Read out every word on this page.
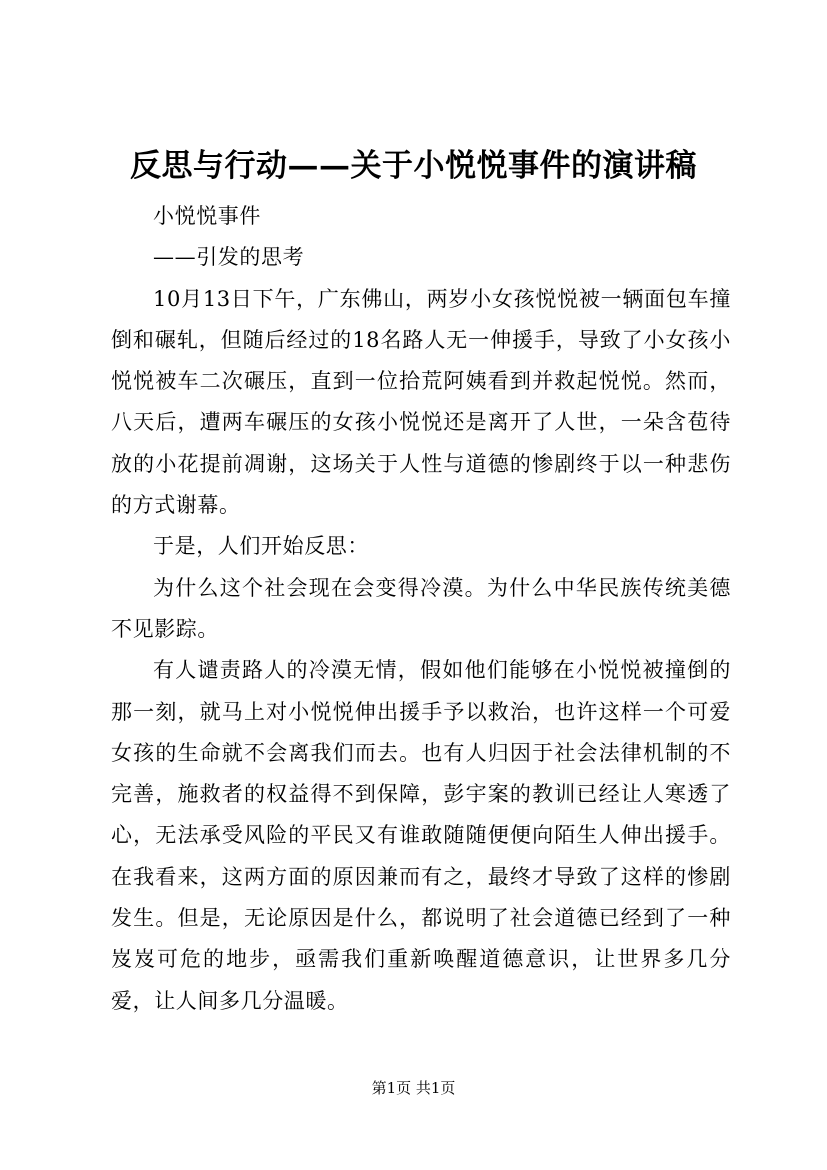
反思与行动——关于小悦悦事件的演讲稿

小悦悦事件

——引发的思考

10月13日下午，广东佛山，两岁小女孩悦悦被一辆面包车撞倒和碾轧，但随后经过的18名路人无一伸援手，导致了小女孩小悦悦被车二次碾压，直到一位拾荒阿姨看到并救起悦悦。然而，八天后，遭两车碾压的女孩小悦悦还是离开了人世，一朵含苞待放的小花提前凋谢，这场关于人性与道德的惨剧终于以一种悲伤的方式谢幕。

于是，人们开始反思：

为什么这个社会现在会变得冷漠。为什么中华民族传统美德不见影踪。

有人谴责路人的冷漠无情，假如他们能够在小悦悦被撞倒的那一刻，就马上对小悦悦伸出援手予以救治，也许这样一个可爱女孩的生命就不会离我们而去。也有人归因于社会法律机制的不完善，施救者的权益得不到保障，彭宇案的教训已经让人寒透了心，无法承受风险的平民又有谁敢随随便便向陌生人伸出援手。在我看来，这两方面的原因兼而有之，最终才导致了这样的惨剧发生。但是，无论原因是什么，都说明了社会道德已经到了一种岌岌可危的地步，亟需我们重新唤醒道德意识，让世界多几分爱，让人间多几分温暖。

第1页 共1页
